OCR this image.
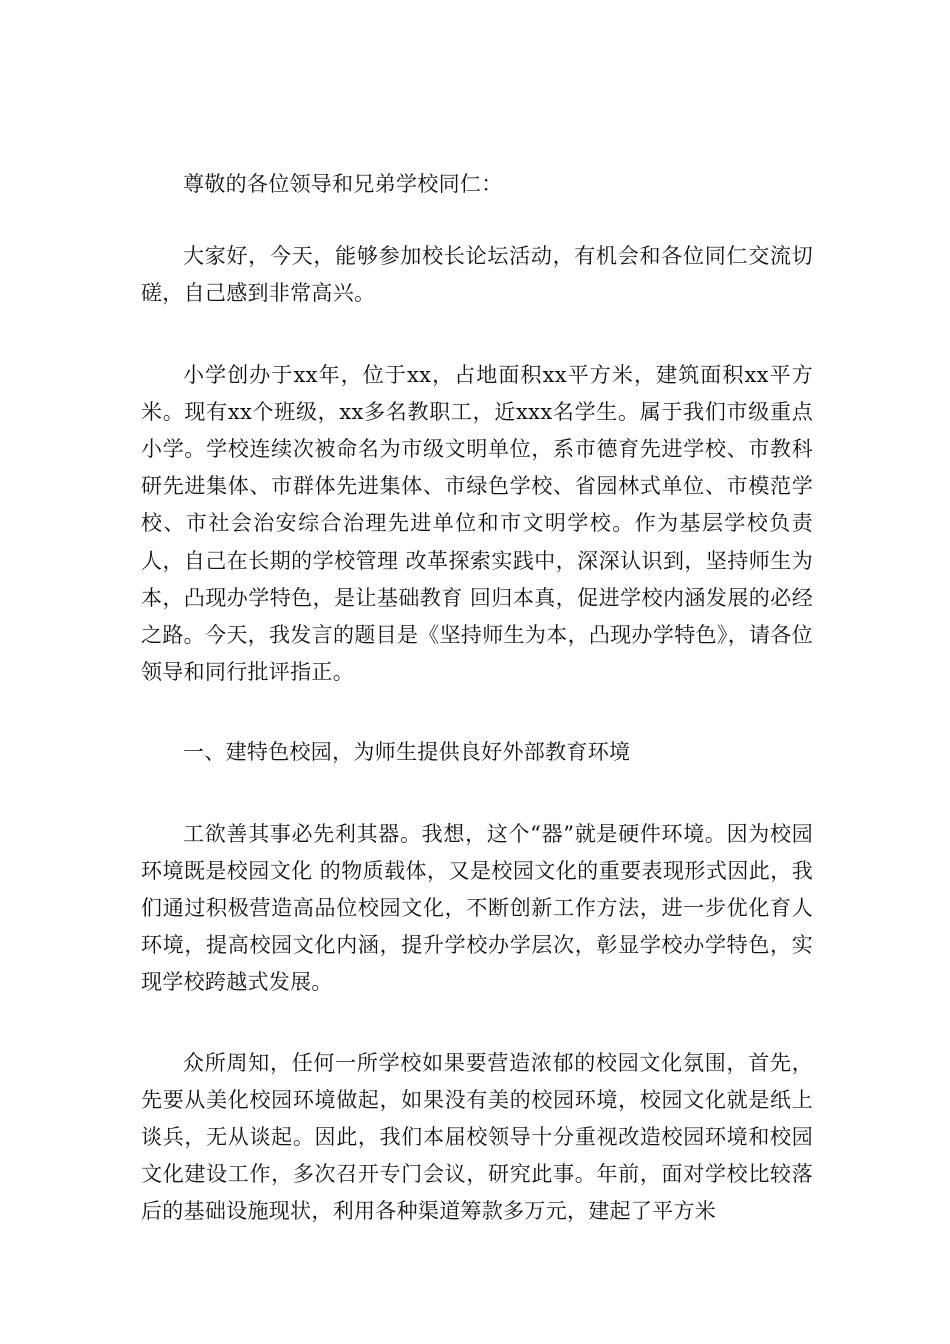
尊敬的各位领导和兄弟学校同仁：

大家好，今天，能够参加校长论坛活动，有机会和各位同仁交流切磋，自己感到非常高兴。

小学创办于xx年，位于xx，占地面积xx平方米，建筑面积xx平方米。现有xx个班级，xx多名教职工，近xxx名学生。属于我们市级重点小学。学校连续次被命名为市级文明单位，系市德育先进学校、市教科研先进集体、市群体先进集体、市绿色学校、省园林式单位、市模范学校、市社会治安综合治理先进单位和市文明学校。作为基层学校负责人，自己在长期的学校管理 改革探索实践中，深深认识到，坚持师生为本，凸现办学特色，是让基础教育 回归本真，促进学校内涵发展的必经之路。今天，我发言的题目是《坚持师生为本，凸现办学特色》，请各位领导和同行批评指正。

一、建特色校园，为师生提供良好外部教育环境

工欲善其事必先利其器。我想，这个“器”就是硬件环境。因为校园环境既是校园文化 的物质载体，又是校园文化的重要表现形式因此，我们通过积极营造高品位校园文化，不断创新工作方法，进一步优化育人环境，提高校园文化内涵，提升学校办学层次，彰显学校办学特色，实现学校跨越式发展。

众所周知，任何一所学校如果要营造浓郁的校园文化氛围，首先，先要从美化校园环境做起，如果没有美的校园环境，校园文化就是纸上谈兵，无从谈起。因此，我们本届校领导十分重视改造校园环境和校园文化建设工作，多次召开专门会议，研究此事。年前，面对学校比较落后的基础设施现状，利用各种渠道筹款多万元，建起了平方米
